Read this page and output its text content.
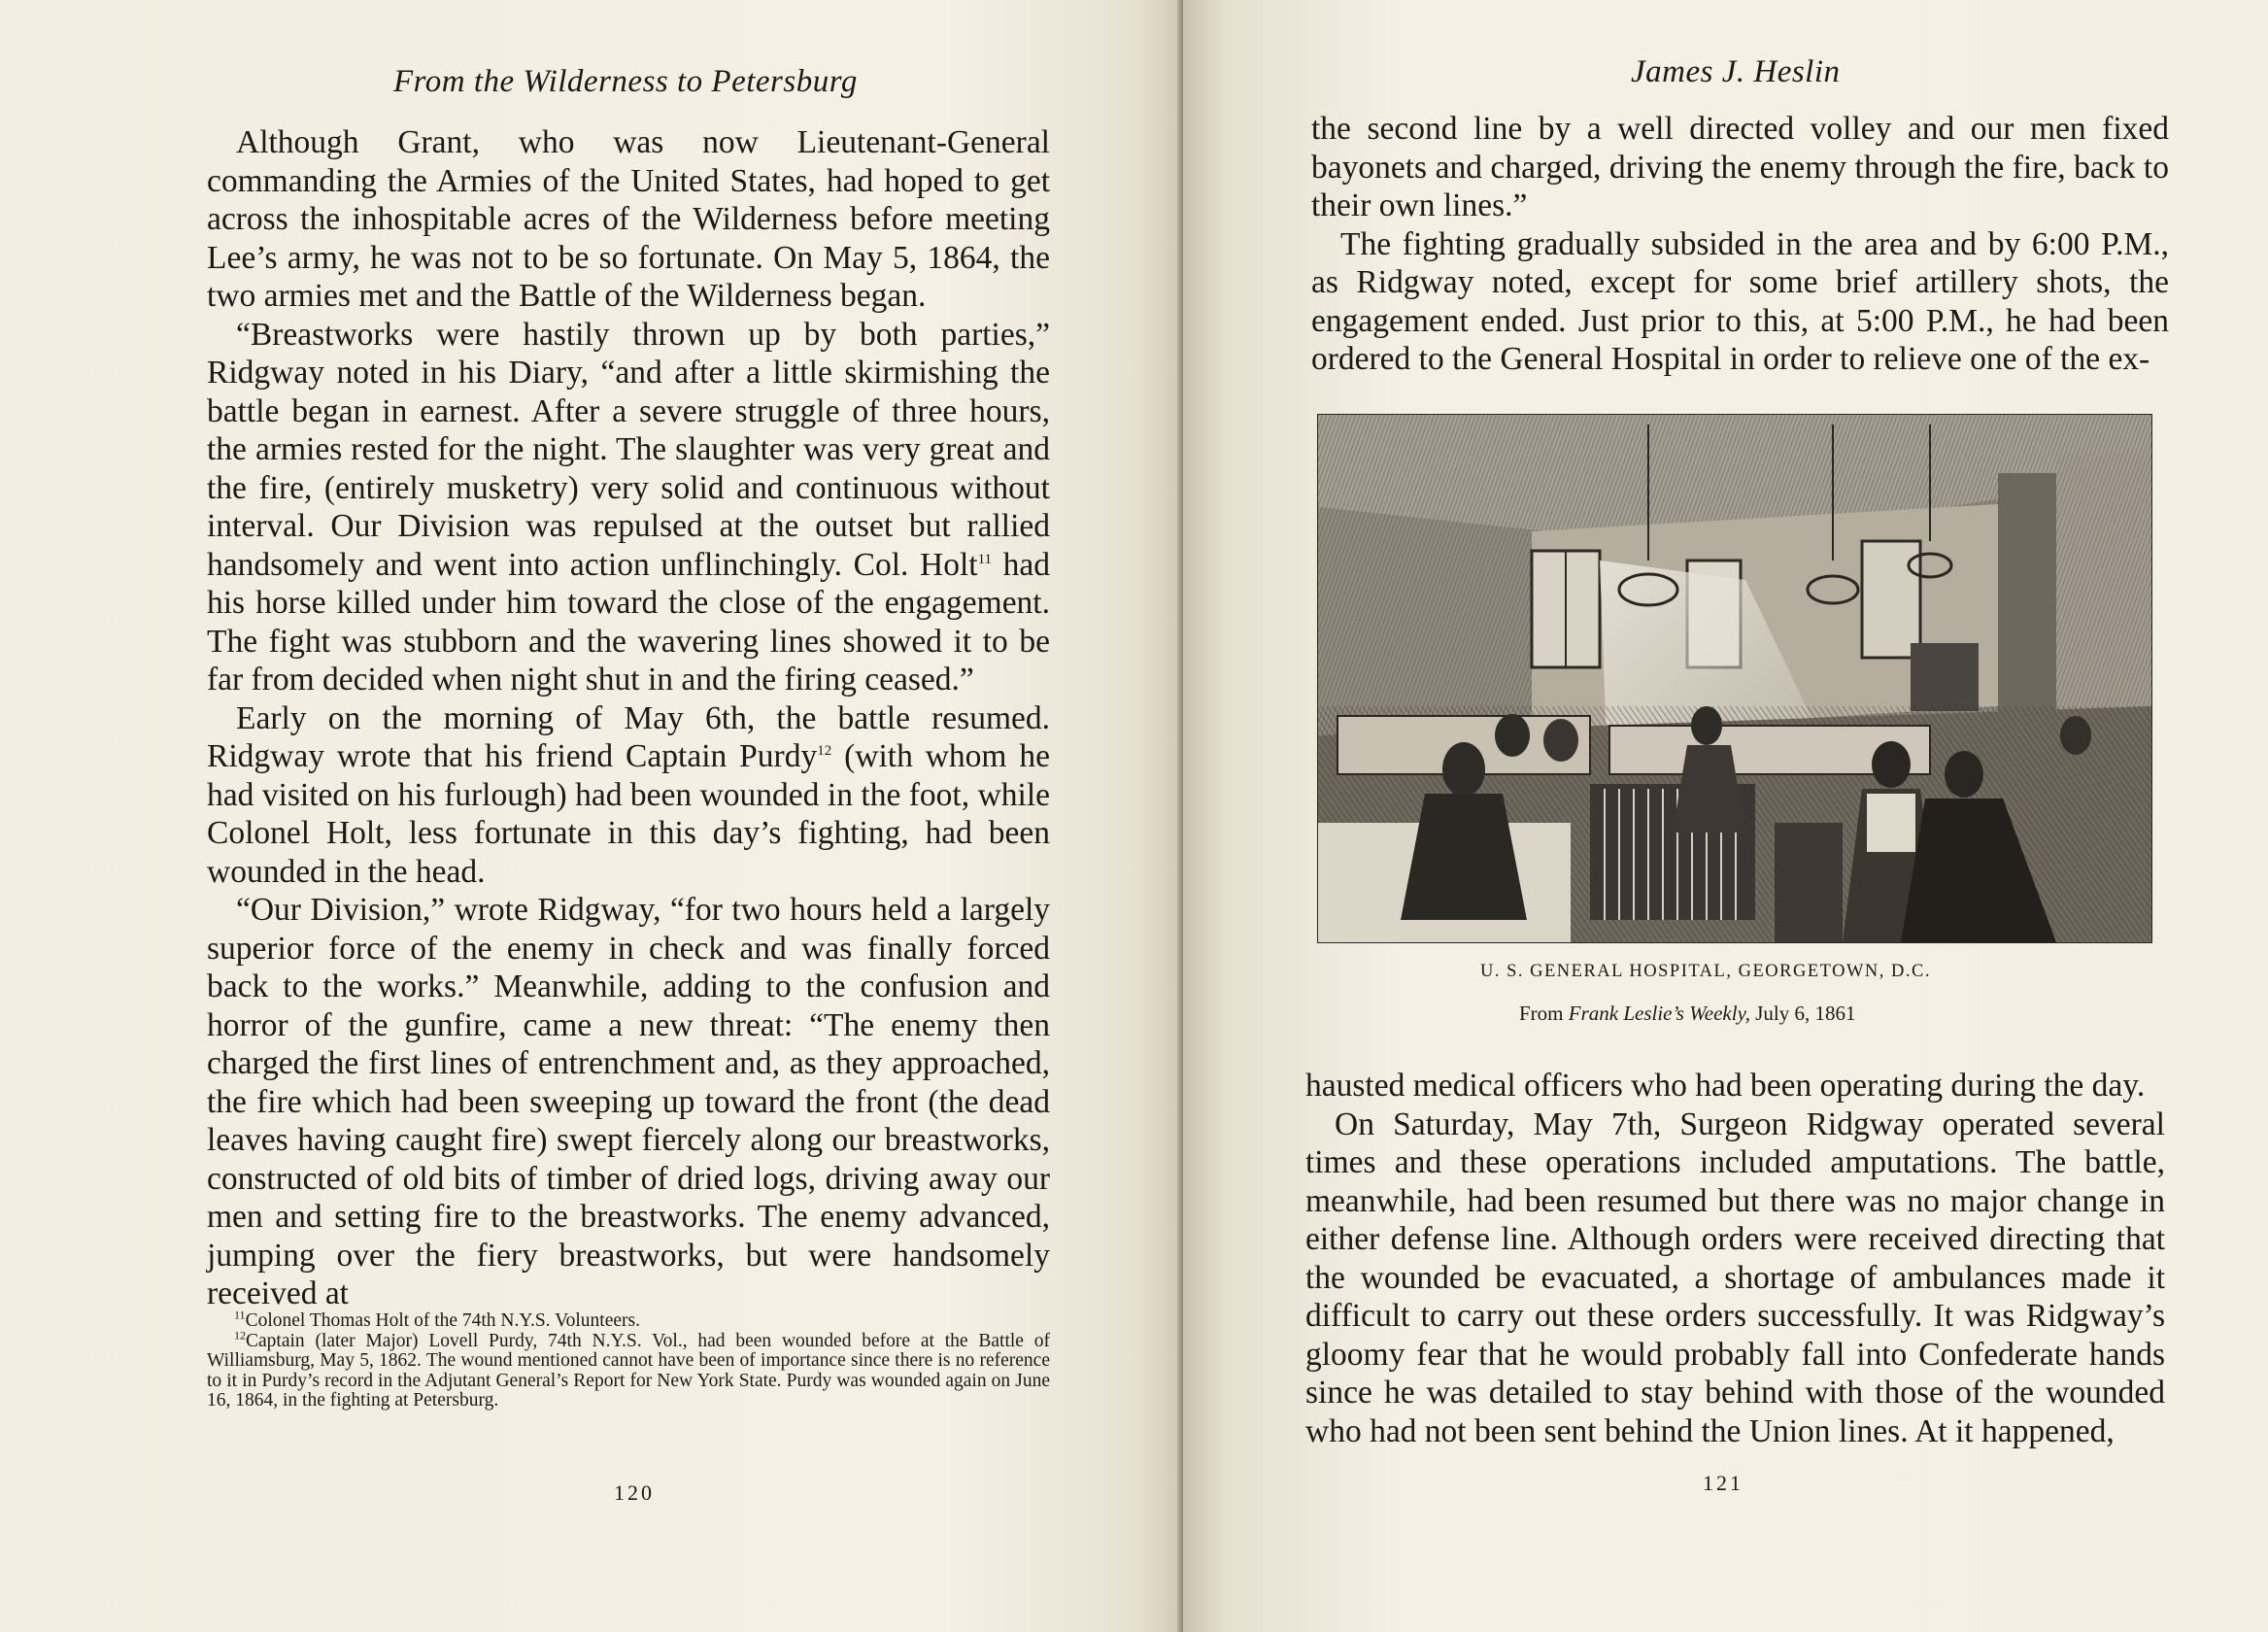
From the Wilderness to Petersburg

Although Grant, who was now Lieutenant-General commanding the Armies of the United States, had hoped to get across the inhospitable acres of the Wilderness before meeting Lee’s army, he was not to be so fortunate. On May 5, 1864, the two armies met and the Battle of the Wilderness began.

“Breastworks were hastily thrown up by both parties,” Ridgway noted in his Diary, “and after a little skirmishing the battle began in earnest. After a severe struggle of three hours, the armies rested for the night. The slaughter was very great and the fire, (entirely musketry) very solid and continuous without interval. Our Division was repulsed at the outset but rallied handsomely and went into action unflinchingly. Col. Holt$^{11}$ had his horse killed under him toward the close of the engagement. The fight was stubborn and the wavering lines showed it to be far from decided when night shut in and the firing ceased.”

Early on the morning of May 6th, the battle resumed. Ridgway wrote that his friend Captain Purdy$^{12}$ (with whom he had visited on his furlough) had been wounded in the foot, while Colonel Holt, less fortunate in this day’s fighting, had been wounded in the head.

“Our Division,” wrote Ridgway, “for two hours held a largely superior force of the enemy in check and was finally forced back to the works.” Meanwhile, adding to the confusion and horror of the gunfire, came a new threat: “The enemy then charged the first lines of entrenchment and, as they approached, the fire which had been sweeping up toward the front (the dead leaves having caught fire) swept fiercely along our breastworks, constructed of old bits of timber of dried logs, driving away our men and setting fire to the breastworks. The enemy advanced, jumping over the fiery breastworks, but were handsomely received at

$^{11}$Colonel Thomas Holt of the 74th N.Y.S. Volunteers.

$^{12}$Captain (later Major) Lovell Purdy, 74th N.Y.S. Vol., had been wounded before at the Battle of Williamsburg, May 5, 1862. The wound mentioned cannot have been of importance since there is no reference to it in Purdy’s record in the Adjutant General’s Report for New York State. Purdy was wounded again on June 16, 1864, in the fighting at Petersburg.

120
James J. Heslin

the second line by a well directed volley and our men fixed bayonets and charged, driving the enemy through the fire, back to their own lines.”

The fighting gradually subsided in the area and by 6:00 P.M., as Ridgway noted, except for some brief artillery shots, the engagement ended. Just prior to this, at 5:00 P.M., he had been ordered to the General Hospital in order to relieve one of the ex-

U. S. GENERAL HOSPITAL, GEORGETOWN, D.C.
From Frank Leslie’s Weekly, July 6, 1861

hausted medical officers who had been operating during the day.

On Saturday, May 7th, Surgeon Ridgway operated several times and these operations included amputations. The battle, meanwhile, had been resumed but there was no major change in either defense line. Although orders were received directing that the wounded be evacuated, a shortage of ambulances made it difficult to carry out these orders successfully. It was Ridgway’s gloomy fear that he would probably fall into Confederate hands since he was detailed to stay behind with those of the wounded who had not been sent behind the Union lines. At it happened,

121
